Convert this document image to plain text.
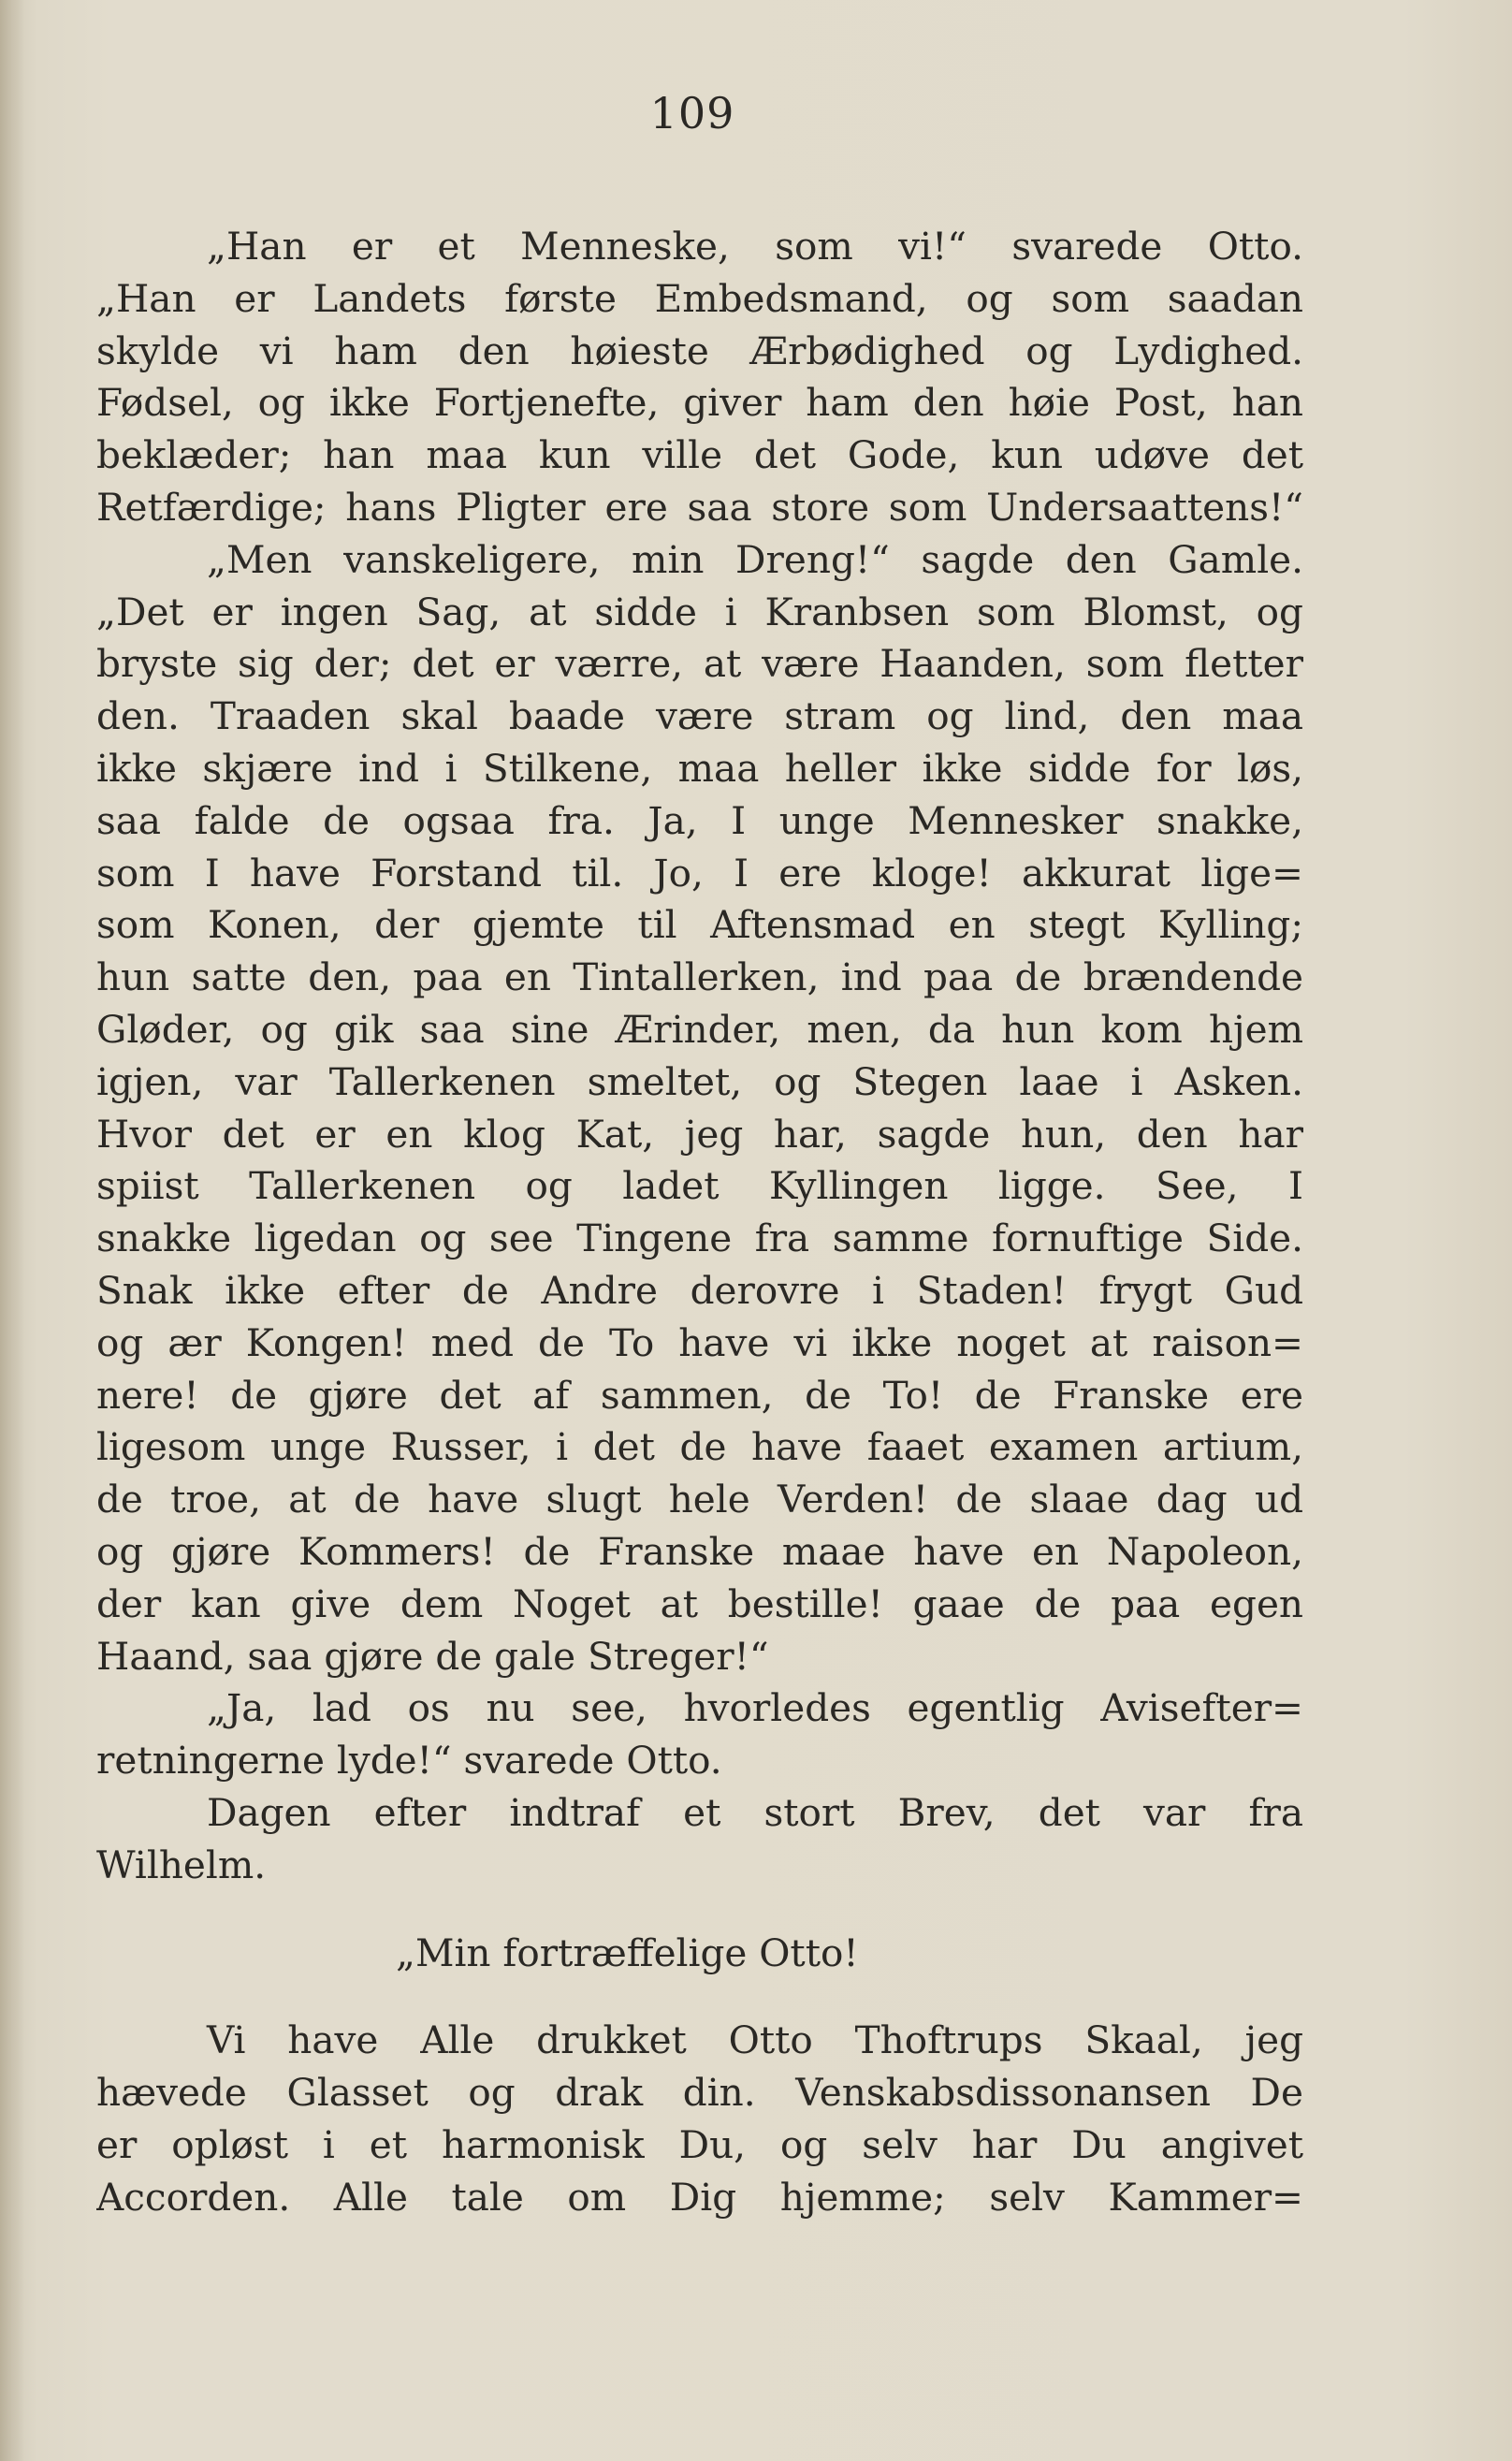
109
„Han er et Menneske, som vi!“ svarede Otto.
„Han er Landets første Embedsmand, og som saadan
skylde vi ham den høieste Ærbødighed og Lydighed.
Fødsel, og ikke Fortjenefte, giver ham den høie Post, han
beklæder; han maa kun ville det Gode, kun udøve det
Retfærdige; hans Pligter ere saa store som Undersaattens!“
„Men vanskeligere, min Dreng!“ sagde den Gamle.
„Det er ingen Sag, at sidde i Kranbsen som Blomst, og
bryste sig der; det er værre, at være Haanden, som fletter
den. Traaden skal baade være stram og lind, den maa
ikke skjære ind i Stilkene, maa heller ikke sidde for løs,
saa falde de ogsaa fra. Ja, I unge Mennesker snakke,
som I have Forstand til. Jo, I ere kloge! akkurat lige=
som Konen, der gjemte til Aftensmad en stegt Kylling;
hun satte den, paa en Tintallerken, ind paa de brændende
Gløder, og gik saa sine Ærinder, men, da hun kom hjem
igjen, var Tallerkenen smeltet, og Stegen laae i Asken.
Hvor det er en klog Kat, jeg har, sagde hun, den har
spiist Tallerkenen og ladet Kyllingen ligge. See, I
snakke ligedan og see Tingene fra samme fornuftige Side.
Snak ikke efter de Andre derovre i Staden! frygt Gud
og ær Kongen! med de To have vi ikke noget at raison=
nere! de gjøre det af sammen, de To! de Franske ere
ligesom unge Russer, i det de have faaet examen artium,
de troe, at de have slugt hele Verden! de slaae dag ud
og gjøre Kommers! de Franske maae have en Napoleon,
der kan give dem Noget at bestille! gaae de paa egen
Haand, saa gjøre de gale Streger!“
„Ja, lad os nu see, hvorledes egentlig Avisefter=
retningerne lyde!“ svarede Otto.
Dagen efter indtraf et stort Brev, det var fra
Wilhelm.
„Min fortræffelige Otto!
Vi have Alle drukket Otto Thoftrups Skaal, jeg
hævede Glasset og drak din. Venskabsdissonansen De
er opløst i et harmonisk Du, og selv har Du angivet
Accorden. Alle tale om Dig hjemme; selv Kammer=
